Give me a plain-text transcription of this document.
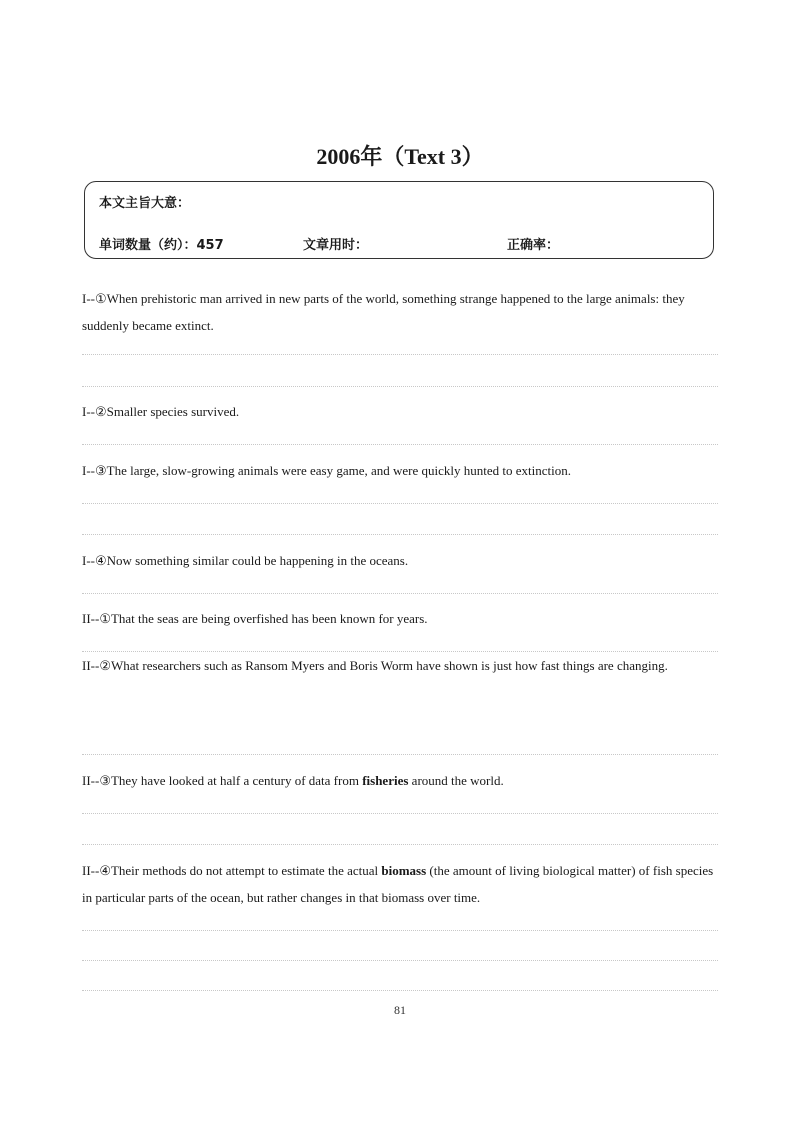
2006年（Text 3）
本文主旨大意：
单词数量（约）：457	文章用时：	正确率：

I--①When prehistoric man arrived in new parts of the world, something strange happened to the large animals: they suddenly became extinct.

I--②Smaller species survived.

I--③The large, slow-growing animals were easy game, and were quickly hunted to extinction.

I--④Now something similar could be happening in the oceans.

II--①That the seas are being overfished has been known for years.

II--②What researchers such as Ransom Myers and Boris Worm have shown is just how fast things are changing.

II--③They have looked at half a century of data from fisheries around the world.

II--④Their methods do not attempt to estimate the actual biomass (the amount of living biological matter) of fish species in particular parts of the ocean, but rather changes in that biomass over time.

81
